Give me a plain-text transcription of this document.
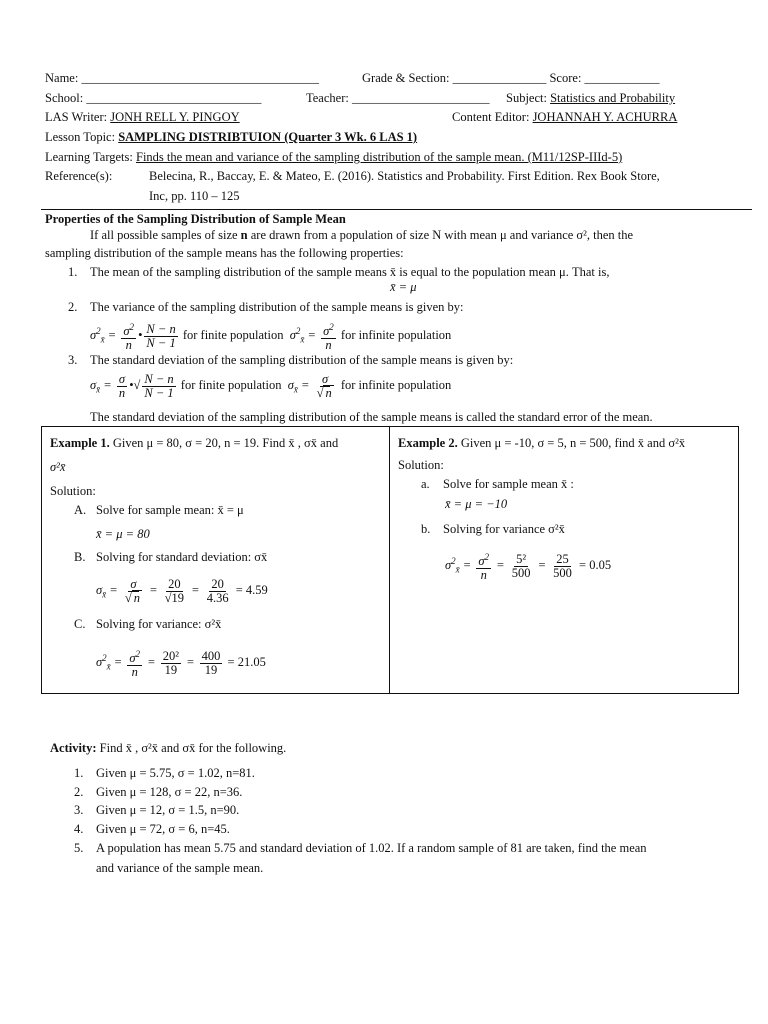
Name: ______________________________________	Grade & Section: _______________ Score: ____________
School: ____________________________	Teacher: ______________________ Subject: Statistics and Probability
LAS Writer: JONH RELL Y. PINGOY	Content Editor: JOHANNAH Y. ACHURRA
Lesson Topic: SAMPLING DISTRIBTUION (Quarter 3 Wk. 6 LAS 1)
Learning Targets: Finds the mean and variance of the sampling distribution of the sample mean. (M11/12SP-IIId-5)
Reference(s):	Belecina, R., Baccay, E. & Mateo, E. (2016). Statistics and Probability. First Edition. Rex Book Store,
Inc, pp. 110 – 125
Properties of the Sampling Distribution of Sample Mean
If all possible samples of size n are drawn from a population of size N with mean μ and variance σ², then the
sampling distribution of the sample means has the following properties:
1. The mean of the sampling distribution of the sample means x̄ is equal to the population mean μ. That is,
x̄ = μ
2. The variance of the sampling distribution of the sample means is given by:
$\sigma^2_{x̄} = \frac{\sigma^2}{n}$ • $\frac{N - n}{N - 1}$ for finite population  $\sigma^2_{x̄} = \frac{\sigma^2}{n}$ for infinite population
3. The standard deviation of the sampling distribution of the sample means is given by:
$\sigma_{x̄} = \frac{\sigma}{n}$ •√ $\frac{N - n}{N - 1}$ for finite population  $\sigma_{x̄} = \frac{\sigma}{√ n}$ for infinite population
The standard deviation of the sampling distribution of the sample means is called the standard error of the mean.
Example 1. Given μ = 80, σ = 20, n = 19. Find x̄ , σx̄ and
σ²x̄
Solution:
A. Solve for sample mean: x̄ = μ
x̄ = μ = 80
B. Solving for standard deviation: σx̄
$\sigma_{x̄} = \frac{\sigma}{√ n} = \frac{20}{√19} = \frac{20}{4.36} = 4.59$
C. Solving for variance: σ²x̄
$\sigma^2_{x̄} = \frac{\sigma^2}{n} = \frac{\text{20²}}{19} = \frac{400}{19} = 21.05$
Example 2. Given μ = -10, σ = 5, n = 500, find x̄ and σ²x̄
Solution:
a. Solve for sample mean x̄ :
x̄ = μ = −10
b. Solving for variance σ²x̄
$\sigma^2_{x̄} = \frac{\sigma^2}{n} = \frac{\text{5²}}{500} = \frac{25}{500} = 0.05$
Activity: Find x̄ , σ²x̄ and σx̄ for the following.
1. Given μ = 5.75, σ = 1.02, n=81.
2. Given μ = 128, σ = 22, n=36.
3. Given μ = 12, σ = 1.5, n=90.
4. Given μ = 72, σ = 6, n=45.
5. A population has mean 5.75 and standard deviation of 1.02. If a random sample of 81 are taken, find the mean
and variance of the sample mean.
